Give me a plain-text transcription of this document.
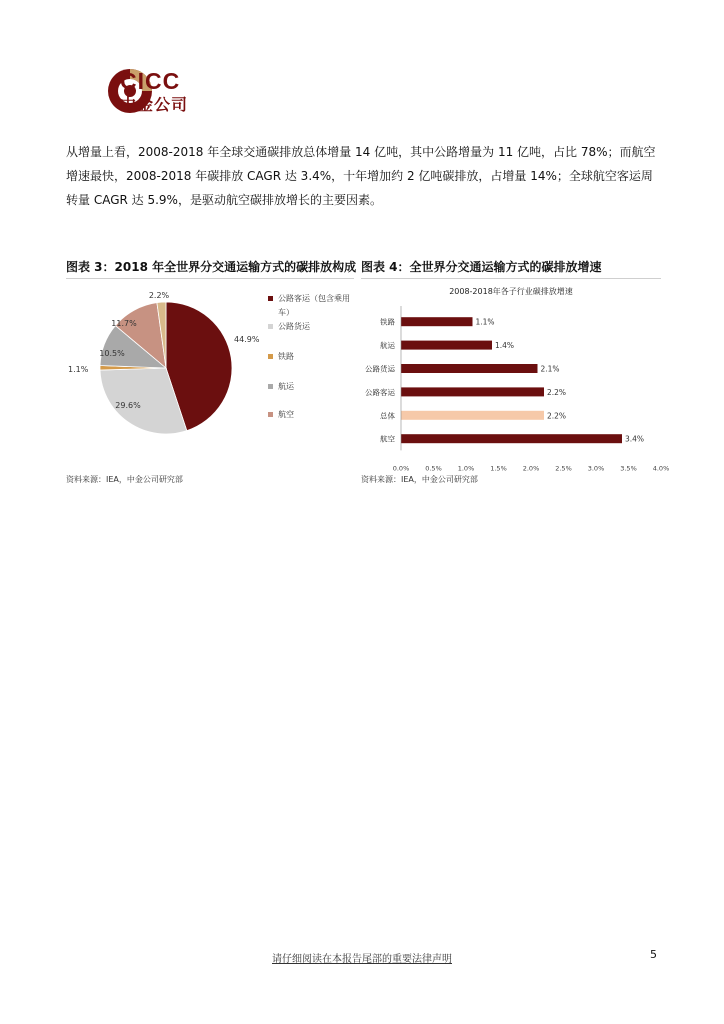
CICC
中金公司
从增量上看，2008-2018 年全球交通碳排放总体增量 14 亿吨，其中公路增量为 11 亿吨，占比 78%；而航空增速最快，2008-2018 年碳排放 CAGR 达 3.4%，十年增加约 2 亿吨碳排放，占增量 14%；全球航空客运周转量 CAGR 达 5.9%，是驱动航空碳排放增长的主要因素。
图表 3：2018 年全世界分交通运输方式的碳排放构成 图表 4：全世界分交通运输方式的碳排放增速
44.9%
29.6%
1.1%
10.5%
11.7%
2.2%	公路客运（包含乘用
车）
公路货运
铁路
航运
航空
2008-2018年各子行业碳排放增速
铁路
航运
公路货运
公路客运
总体
航空
1.1%
1.4%
2.1%
2.2%
2.2%
3.4%
0.0% 0.5% 1.0% 1.5% 2.0% 2.5% 3.0% 3.5% 4.0%
资料来源：IEA，中金公司研究部	资料来源：IEA，中金公司研究部
请仔细阅读在本报告尾部的重要法律声明	5
